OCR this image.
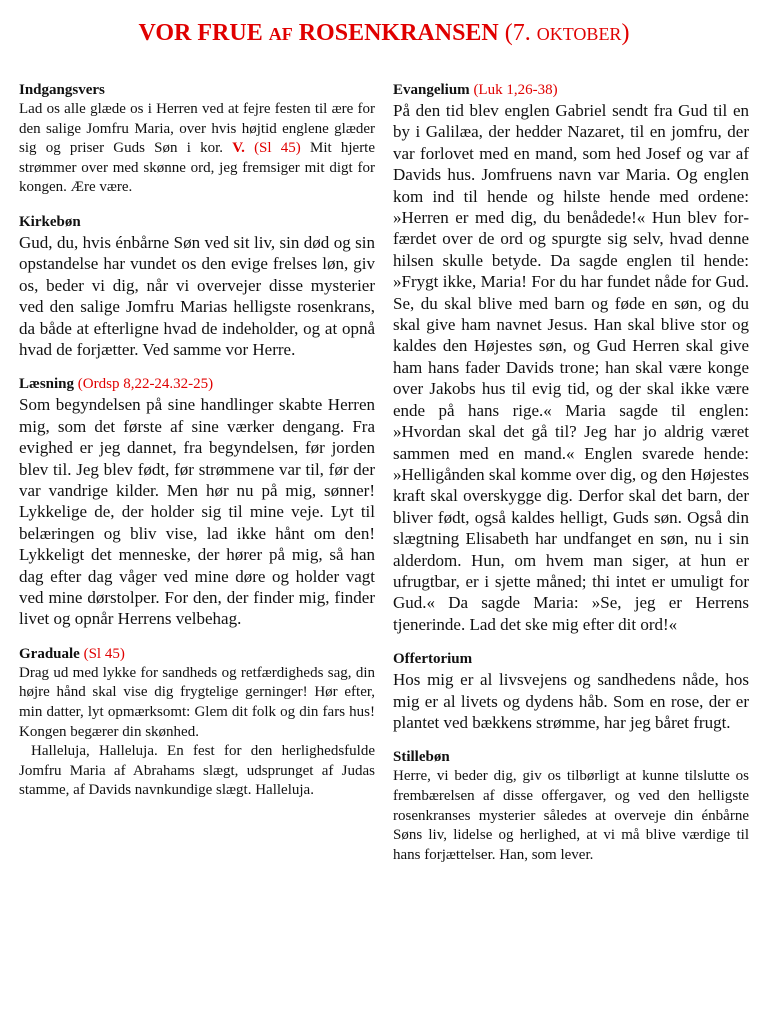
VOR FRUE AF ROSENKRANSEN (7. OKTOBER)
Indgangsvers

Lad os alle glæde os i Herren ved at fejre festen til ære for den salige Jomfru Maria, over hvis højtid englene glæder sig og priser Guds Søn i kor. V. (Sl 45) Mit hjerte strømmer over med skønne ord, jeg fremsiger mit digt for kongen. Ære være.

Kirkebøn

Gud, du, hvis énbårne Søn ved sit liv, sin død og sin opstandelse har vundet os den evige frelses løn, giv os, beder vi dig, når vi overvejer disse mysterier ved den salige Jomfru Marias helligste rosenkrans, da både at efterligne hvad de indeholder, og at opnå hvad de forjætter. Ved samme vor Herre.

Læsning (Ordsp 8,22-24.32-25)

Som begyndelsen på sine handlinger skabte Herren mig, som det første af sine værker dengang. Fra evighed er jeg dannet, fra begyndelsen, før jorden blev til. Jeg blev født, før strømmene var til, før der var vandrige kilder. Men hør nu på mig, sønner! Lykkelige de, der holder sig til mine veje. Lyt til belæringen og bliv vise, lad ikke hånt om den! Lykkeligt det menneske, der hører på mig, så han dag efter dag våger ved mine døre og holder vagt ved mine dørstolper. For den, der finder mig, finder livet og opnår Herrens velbehag.

Graduale (Sl 45)

Drag ud med lykke for sandheds og retfærdigheds sag, din højre hånd skal vise dig frygtelige gerninger! Hør efter, min datter, lyt opmærksomt: Glem dit folk og din fars hus! Kongen begærer din skønhed.

Halleluja, Halleluja. En fest for den herlighedsfulde Jomfru Maria af Abrahams slægt, udsprunget af Judas stamme, af Davids navnkundige slægt. Halleluja.

Evangelium (Luk 1,26-38)

På den tid blev englen Gabriel sendt fra Gud til en by i Galilæa, der hedder Nazaret, til en jomfru, der var forlovet med en mand, som hed Josef og var af Davids hus. Jomfruens navn var Maria. Og englen kom ind til hende og hilste hende med ordene: »Herren er med dig, du benådede!« Hun blev forfærdet over de ord og spurgte sig selv, hvad denne hilsen skulle betyde. Da sagde englen til hende: »Frygt ikke, Maria! For du har fundet nåde for Gud. Se, du skal blive med barn og føde en søn, og du skal give ham navnet Jesus. Han skal blive stor og kaldes den Højestes søn, og Gud Herren skal give ham hans fader Davids trone; han skal være konge over Jakobs hus til evig tid, og der skal ikke være ende på hans rige.« Maria sagde til englen: »Hvordan skal det gå til? Jeg har jo aldrig været sammen med en mand.« Englen svarede hende: »Helligånden skal komme over dig, og den Højestes kraft skal overskygge dig. Derfor skal det barn, der bliver født, også kaldes helligt, Guds søn. Også din slægtning Elisabeth har undfanget en søn, nu i sin alderdom. Hun, om hvem man siger, at hun er ufrugtbar, er i sjette måned; thi intet er umuligt for Gud.« Da sagde Maria: »Se, jeg er Herrens tjenerinde. Lad det ske mig efter dit ord!«

Offertorium

Hos mig er al livsvejens og sandhedens nåde, hos mig er al livets og dydens håb. Som en rose, der er plantet ved bækkens strømme, har jeg båret frugt.

Stillebøn

Herre, vi beder dig, giv os tilbørligt at kunne tilslutte os frembærelsen af disse offergaver, og ved den helligste rosenkranses mysterier således at overveje din énbårne Søns liv, lidelse og herlighed, at vi må blive værdige til hans forjættelser. Han, som lever.
